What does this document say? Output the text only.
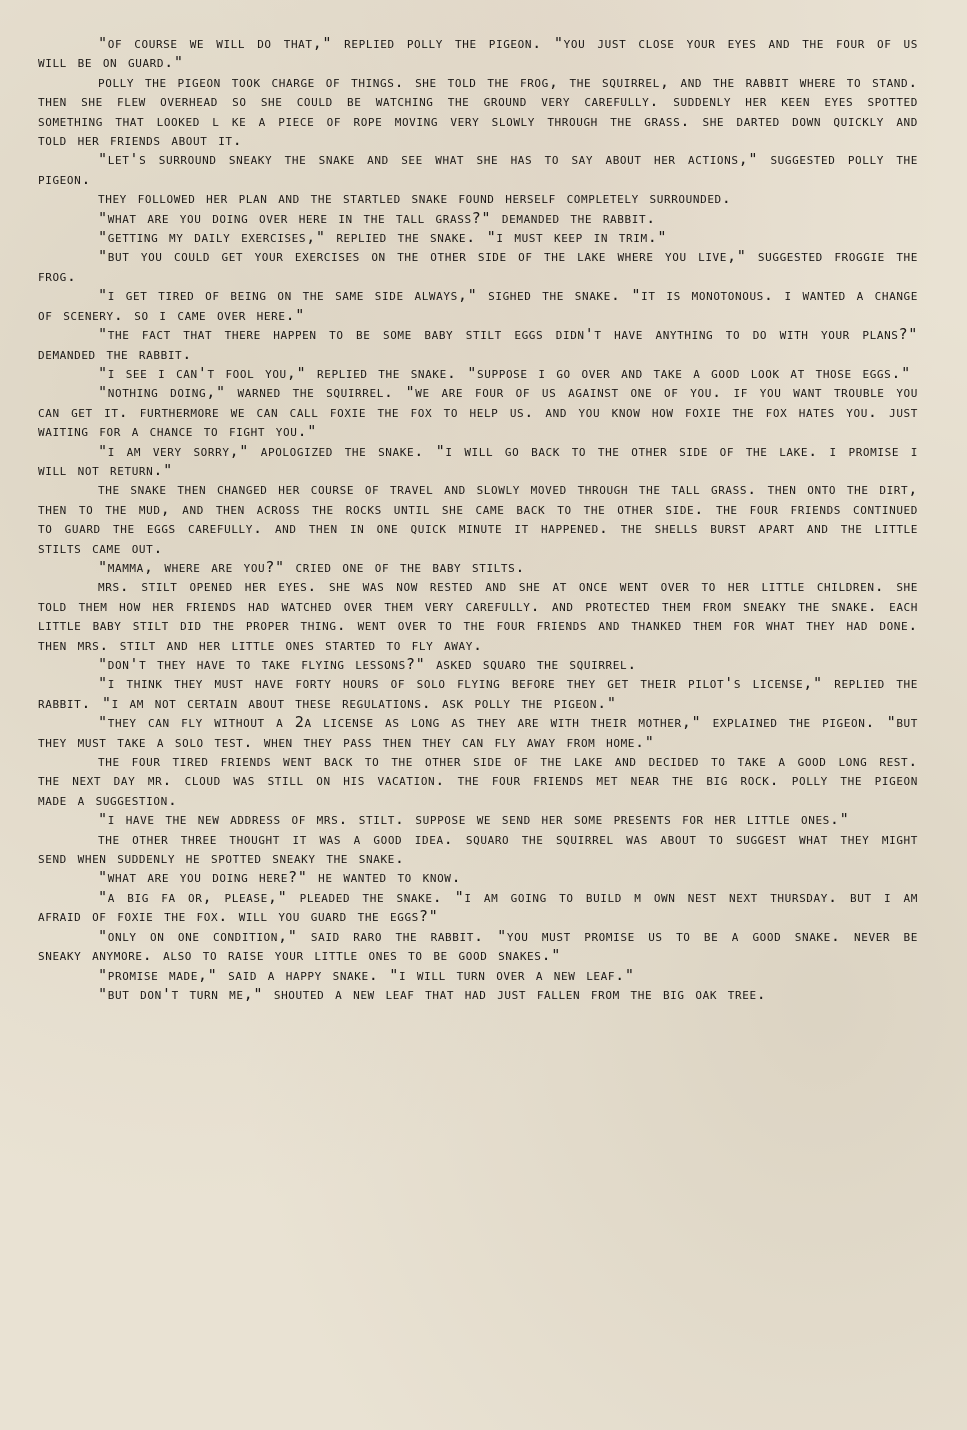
"of course we will do that," replied polly the pigeon. "you just close your eyes and the four of us will be on guard."

polly the pigeon took charge of things. she told the frog, the squirrel, and the rabbit where to stand. then she flew overhead so she could be watching the ground very carefully. suddenly her keen eyes spotted something that looked l ke a piece of rope moving very slowly through the grass. she darted down quickly and told her friends about it.

"let's surround sneaky the snake and see what she has to say about her actions," suggested polly the pigeon.

they followed her plan and the startled snake found herself completely surrounded.

"what are you doing over here in the tall grass?" demanded the rabbit.

"getting my daily exercises," replied the snake. "i must keep in trim."

"but you could get your exercises on the other side of the lake where you live," suggested froggie the frog.

"i get tired of being on the same side always," sighed the snake. "it is monotonous. i wanted a change of scenery. so i came over here."

"the fact that there happen to be some baby stilt eggs didn't have anything to do with your plans?" demanded the rabbit.

"i see i can't fool you," replied the snake. "suppose i go over and take a good look at those eggs."

"nothing doing," warned the squirrel. "we are four of us against one of you. if you want trouble you can get it. furthermore we can call foxie the fox to help us. and you know how foxie the fox hates you. just waiting for a chance to fight you."

"i am very sorry," apologized the snake. "i will go back to the other side of the lake. i promise i will not return."

the snake then changed her course of travel and slowly moved through the tall grass. then onto the dirt, then to the mud, and then across the rocks until she came back to the other side. the four friends continued to guard the eggs carefully. and then in one quick minute it happened. the shells burst apart and the little stilts came out.

"mamma, where are you?" cried one of the baby stilts.

mrs. stilt opened her eyes. she was now rested and she at once went over to her little children. she told them how her friends had watched over them very carefully. and protected them from sneaky the snake. each little baby stilt did the proper thing. went over to the four friends and thanked them for what they had done. then mrs. stilt and her little ones started to fly away.

"don't they have to take flying lessons?" asked squaro the squirrel.

"i think they must have forty hours of solo flying before they get their pilot's license," replied the rabbit. "i am not certain about these regulations. ask polly the pigeon."

"they can fly without a 2a license as long as they are with their mother," explained the pigeon. "but they must take a solo test. when they pass then they can fly away from home."

the four tired friends went back to the other side of the lake and decided to take a good long rest. the next day mr. cloud was still on his vacation. the four friends met near the big rock. polly the pigeon made a suggestion.

"i have the new address of mrs. stilt. suppose we send her some presents for her little ones."

the other three thought it was a good idea. squaro the squirrel was about to suggest what they might send when suddenly he spotted sneaky the snake.

"what are you doing here?" he wanted to know.

"a big fa or, please," pleaded the snake. "i am going to build m own nest next thursday. but i am afraid of foxie the fox. will you guard the eggs?"

"only on one condition," said raro the rabbit. "you must promise us to be a good snake. never be sneaky anymore. also to raise your little ones to be good snakes."

"promise made," said a happy snake. "i will turn over a new leaf."

"but don't turn me," shouted a new leaf that had just fallen from the big oak tree.
